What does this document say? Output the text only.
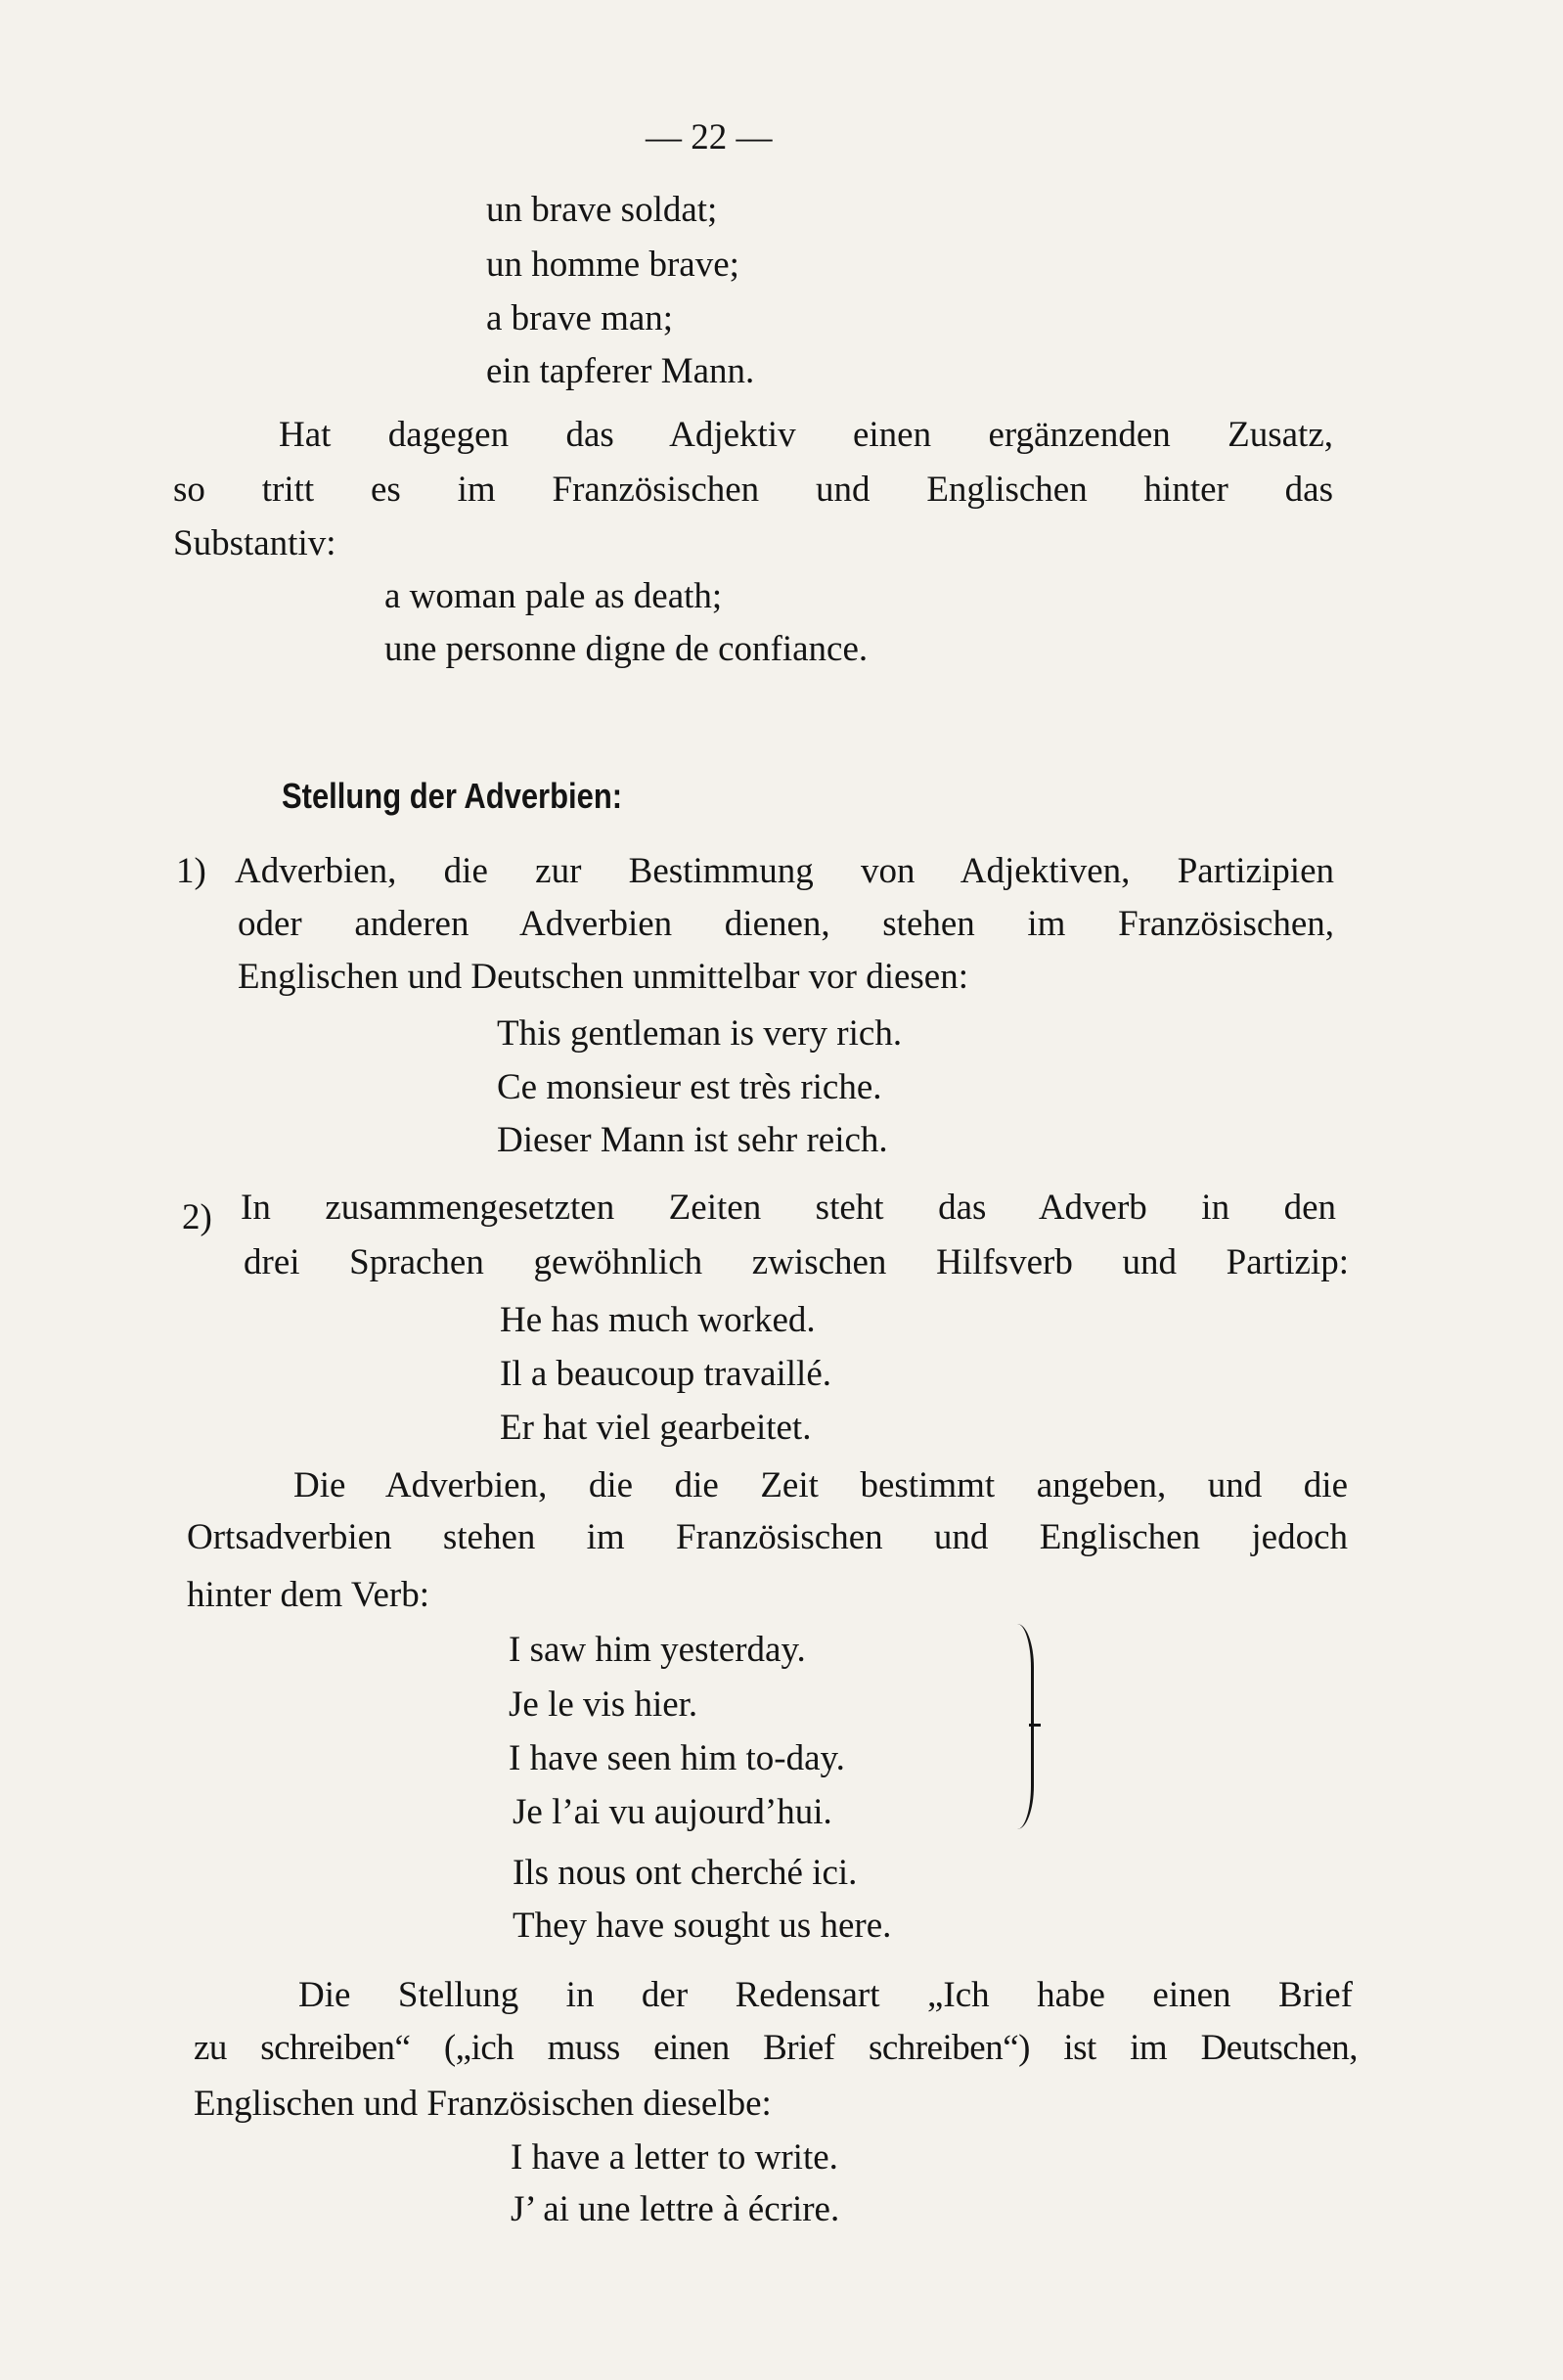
— 22 —
un brave soldat;
un homme brave;
a brave man;
ein tapferer Mann.
Hat dagegen das Adjektiv einen ergänzenden Zusatz,
so tritt es im Französischen und Englischen hinter das
Substantiv:
a woman pale as death;
une personne digne de confiance.
Stellung der Adverbien:
1) Adverbien, die zur Bestimmung von Adjektiven, Partizipien
oder anderen Adverbien dienen, stehen im Französischen,
Englischen und Deutschen unmittelbar vor diesen:
This gentleman is very rich.
Ce monsieur est très riche.
Dieser Mann ist sehr reich.
2) In zusammengesetzten Zeiten steht das Adverb in den
drei Sprachen gewöhnlich zwischen Hilfsverb und Partizip:
He has much worked.
Il a beaucoup travaillé.
Er hat viel gearbeitet.
Die Adverbien, die die Zeit bestimmt angeben, und die
Ortsadverbien stehen im Französischen und Englischen jedoch
hinter dem Verb:
I saw him yesterday.
Je le vis hier.
I have seen him to-day.
Je l’ai vu aujourd’hui.
Ils nous ont cherché ici.
They have sought us here.
Die Stellung in der Redensart „Ich habe einen Brief
zu schreiben“ („ich muss einen Brief schreiben“) ist im Deutschen,
Englischen und Französischen dieselbe:
I have a letter to write.
J’ ai une lettre à écrire.
